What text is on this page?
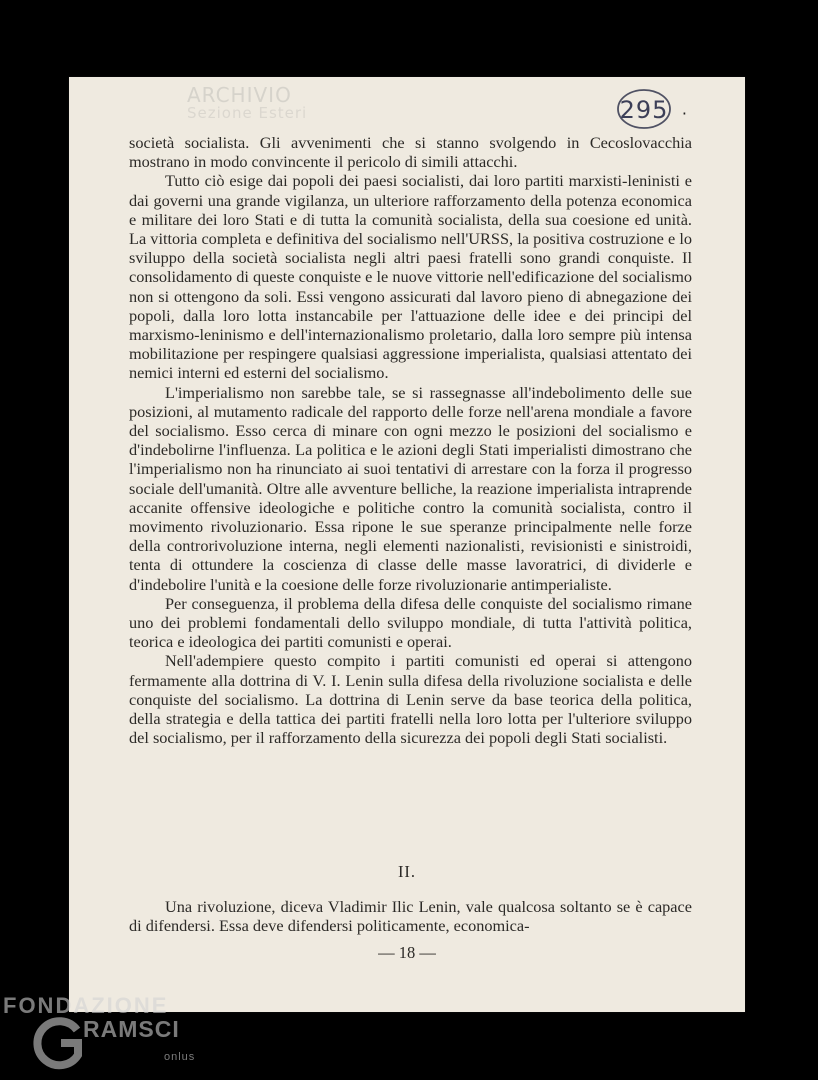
ARCHIVIO
Sezione Esteri	295 ·

società socialista. Gli avvenimenti che si stanno svolgendo in Cecoslovacchia mostrano in modo convincente il pericolo di simili attacchi.

Tutto ciò esige dai popoli dei paesi socialisti, dai loro partiti marxisti-leninisti e dai governi una grande vigilanza, un ulteriore rafforzamento della potenza economica e militare dei loro Stati e di tutta la comunità socialista, della sua coesione ed unità. La vittoria completa e definitiva del socialismo nell'URSS, la positiva costruzione e lo sviluppo della società socialista negli altri paesi fratelli sono grandi conquiste. Il consolidamento di queste conquiste e le nuove vittorie nell'edificazione del socialismo non si ottengono da soli. Essi vengono assicurati dal lavoro pieno di abnegazione dei popoli, dalla loro lotta instancabile per l'attuazione delle idee e dei principi del marxismo-leninismo e dell'internazionalismo proletario, dalla loro sempre più intensa mobilitazione per respingere qualsiasi aggressione imperialista, qualsiasi attentato dei nemici interni ed esterni del socialismo.

L'imperialismo non sarebbe tale, se si rassegnasse all'indebolimento delle sue posizioni, al mutamento radicale del rapporto delle forze nell'arena mondiale a favore del socialismo. Esso cerca di minare con ogni mezzo le posizioni del socialismo e d'indebolirne l'influenza. La politica e le azioni degli Stati imperialisti dimostrano che l'imperialismo non ha rinunciato ai suoi tentativi di arrestare con la forza il progresso sociale dell'umanità. Oltre alle avventure belliche, la reazione imperialista intraprende accanite offensive ideologiche e politiche contro la comunità socialista, contro il movimento rivoluzionario. Essa ripone le sue speranze principalmente nelle forze della controrivoluzione interna, negli elementi nazionalisti, revisionisti e sinistroidi, tenta di ottundere la coscienza di classe delle masse lavoratrici, di dividerle e d'indebolire l'unità e la coesione delle forze rivoluzionarie antimperialiste.

Per conseguenza, il problema della difesa delle conquiste del socialismo rimane uno dei problemi fondamentali dello sviluppo mondiale, di tutta l'attività politica, teorica e ideologica dei partiti comunisti e operai.

Nell'adempiere questo compito i partiti comunisti ed operai si attengono fermamente alla dottrina di V. I. Lenin sulla difesa della rivoluzione socialista e delle conquiste del socialismo. La dottrina di Lenin serve da base teorica della politica, della strategia e della tattica dei partiti fratelli nella loro lotta per l'ulteriore sviluppo del socialismo, per il rafforzamento della sicurezza dei popoli degli Stati socialisti.

II.
Una rivoluzione, diceva Vladimir Ilic Lenin, vale qualcosa soltanto se è capace di difendersi. Essa deve difendersi politicamente, economica-
— 18 —
FONDAZIONE
RAMSCI
onlus
